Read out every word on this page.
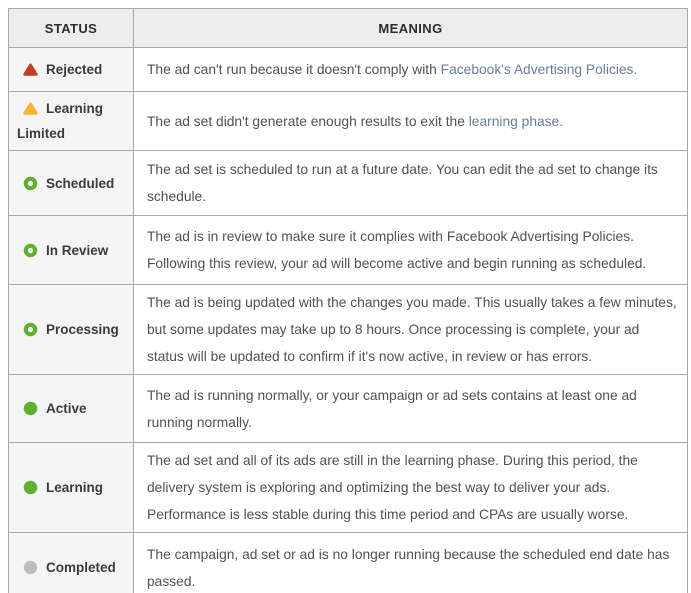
STATUS	MEANING
Rejected	The ad can't run because it doesn't comply with Facebook's Advertising Policies.

Learning Limited	The ad set didn't generate enough results to exit the learning phase.

Scheduled	The ad set is scheduled to run at a future date. You can edit the ad set to change its
schedule.

In Review	The ad is in review to make sure it complies with Facebook Advertising Policies.
Following this review, your ad will become active and begin running as scheduled.

Processing	The ad is being updated with the changes you made. This usually takes a few minutes,
but some updates may take up to 8 hours. Once processing is complete, your ad
status will be updated to confirm if it's now active, in review or has errors.

Active	The ad is running normally, or your campaign or ad sets contains at least one ad
running normally.

Learning	The ad set and all of its ads are still in the learning phase. During this period, the
delivery system is exploring and optimizing the best way to deliver your ads.
Performance is less stable during this time period and CPAs are usually worse.

Completed	The campaign, ad set or ad is no longer running because the scheduled end date has
passed.
